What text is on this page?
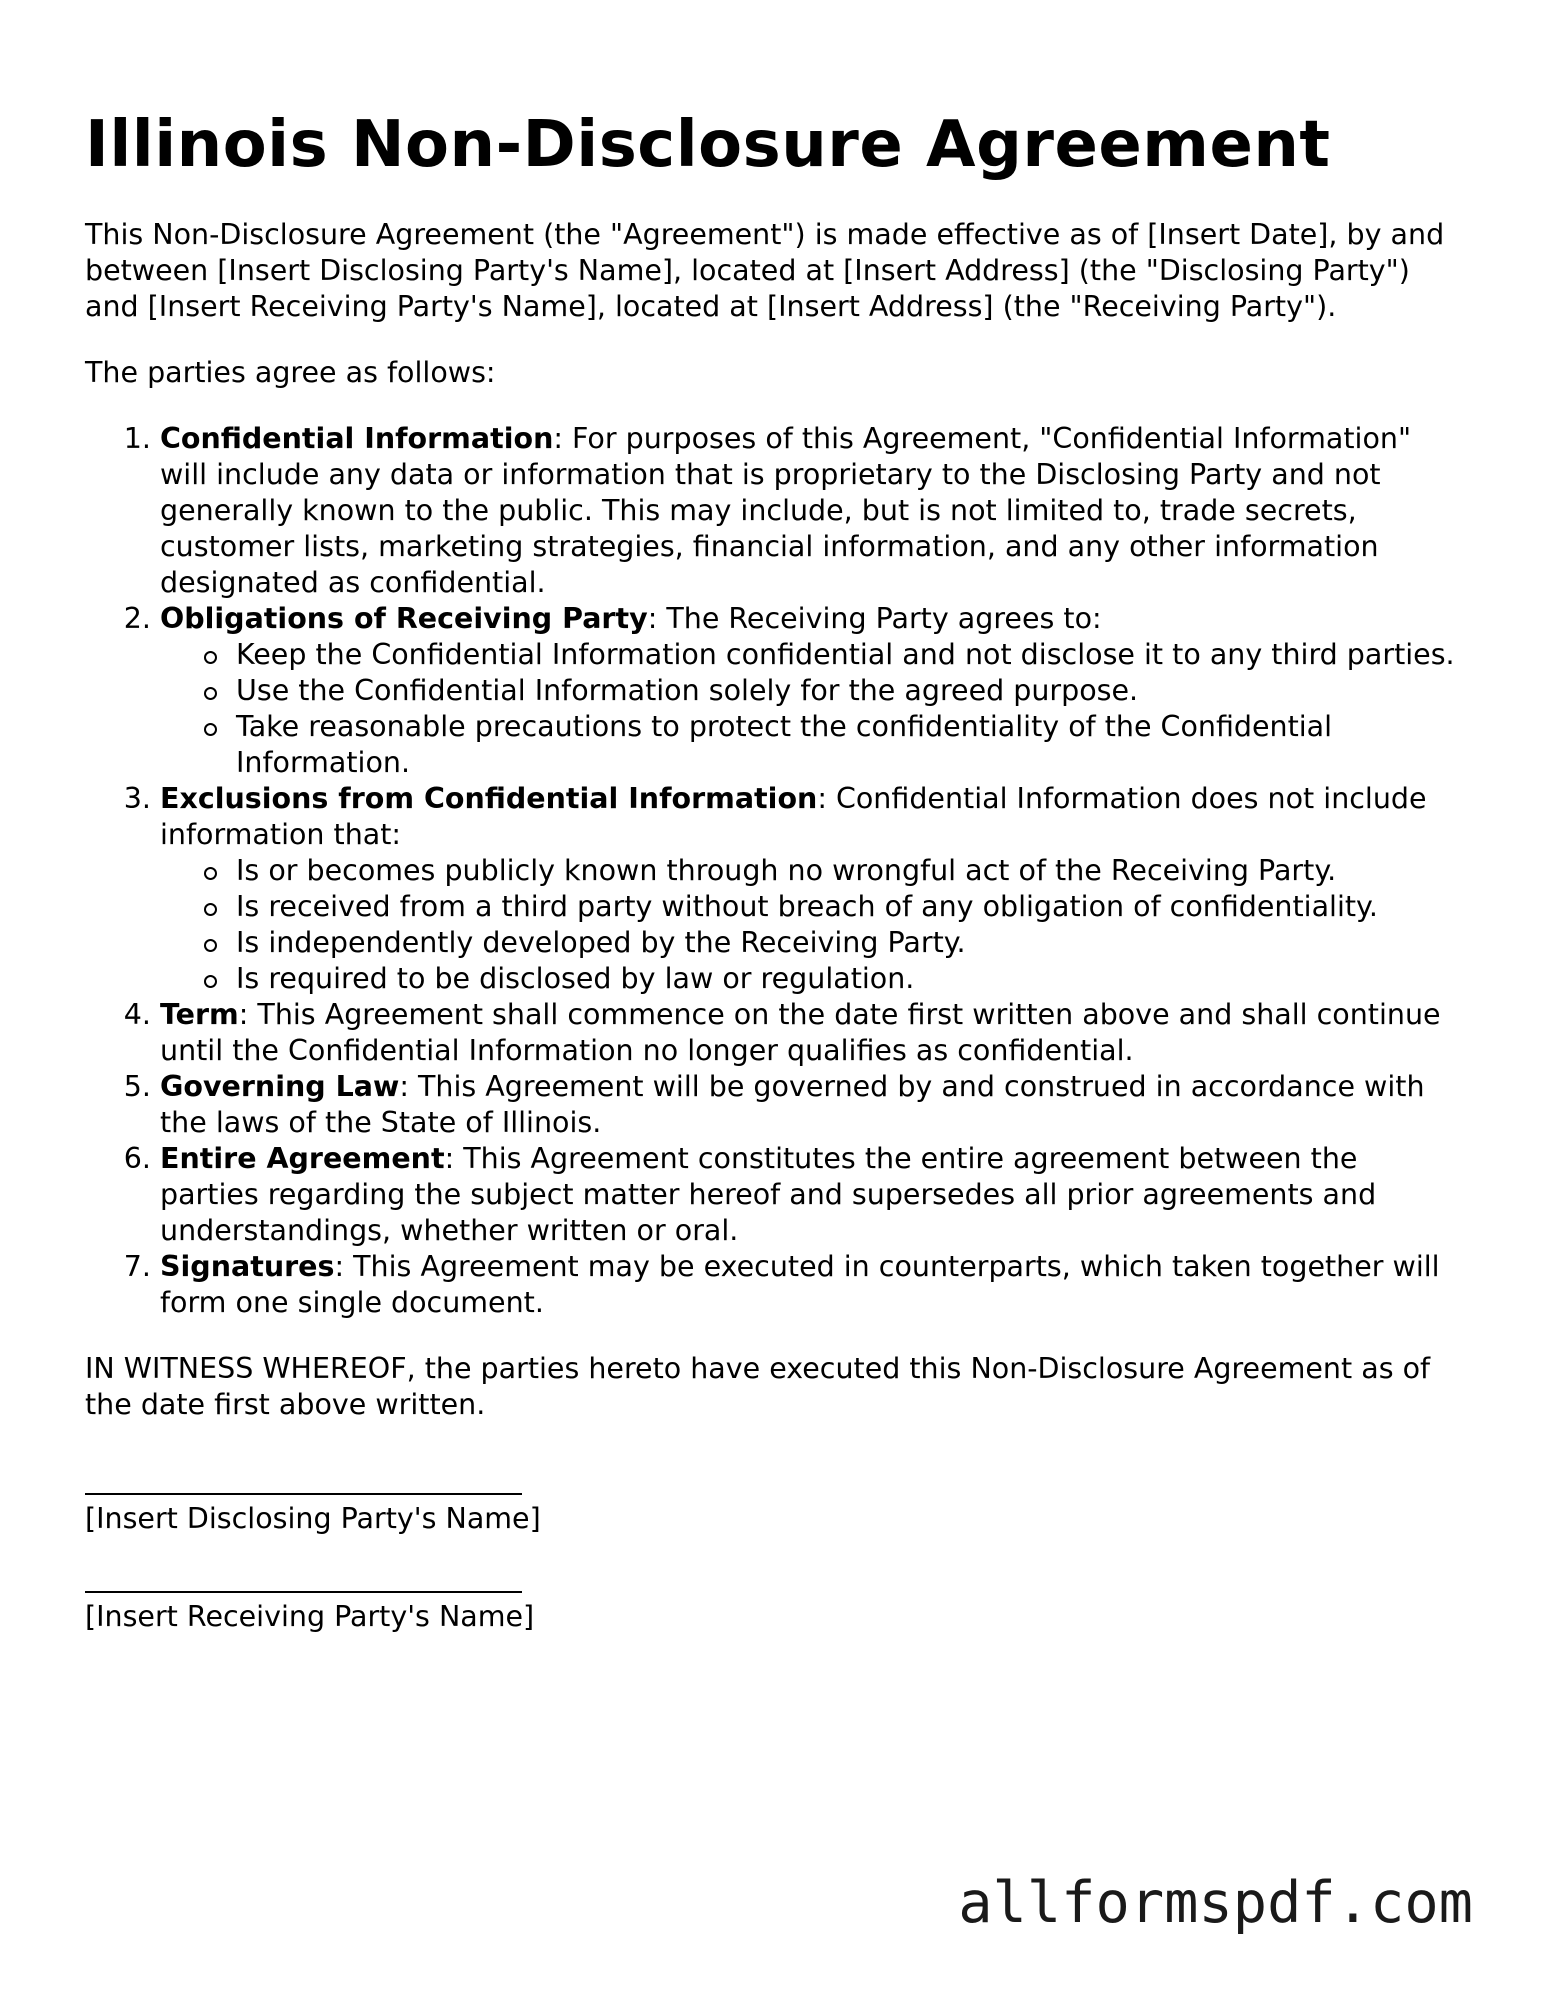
Illinois Non-Disclosure Agreement

This Non-Disclosure Agreement (the "Agreement") is made effective as of [Insert Date], by and between [Insert Disclosing Party's Name], located at [Insert Address] (the "Disclosing Party") and [Insert Receiving Party's Name], located at [Insert Address] (the "Receiving Party").

The parties agree as follows:

1. Confidential Information: For purposes of this Agreement, "Confidential Information" will include any data or information that is proprietary to the Disclosing Party and not generally known to the public. This may include, but is not limited to, trade secrets, customer lists, marketing strategies, financial information, and any other information designated as confidential.
2. Obligations of Receiving Party: The Receiving Party agrees to:
Keep the Confidential Information confidential and not disclose it to any third parties.
Use the Confidential Information solely for the agreed purpose.
Take reasonable precautions to protect the confidentiality of the Confidential Information.
3. Exclusions from Confidential Information: Confidential Information does not include information that:
Is or becomes publicly known through no wrongful act of the Receiving Party.
Is received from a third party without breach of any obligation of confidentiality.
Is independently developed by the Receiving Party.
Is required to be disclosed by law or regulation.
4. Term: This Agreement shall commence on the date first written above and shall continue until the Confidential Information no longer qualifies as confidential.
5. Governing Law: This Agreement will be governed by and construed in accordance with the laws of the State of Illinois.
6. Entire Agreement: This Agreement constitutes the entire agreement between the parties regarding the subject matter hereof and supersedes all prior agreements and understandings, whether written or oral.
7. Signatures: This Agreement may be executed in counterparts, which taken together will form one single document.

IN WITNESS WHEREOF, the parties hereto have executed this Non-Disclosure Agreement as of the date first above written.

[Insert Disclosing Party's Name]
[Insert Receiving Party's Name]
allformspdf.com
